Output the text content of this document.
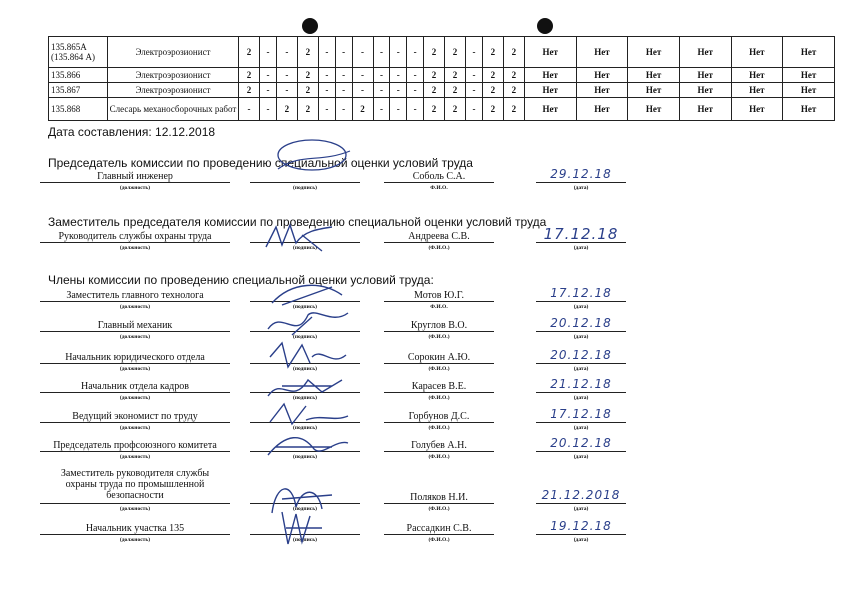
135.865А (135.864 А)	Электроэрозионист	2	-	-	2	-	-	-	-	-	-	2	2	-	2	2	Нет	Нет	Нет	Нет	Нет	Нет
135.866	Электроэрозионист	2	-	-	2	-	-	-	-	-	-	2	2	-	2	2	Нет	Нет	Нет	Нет	Нет	Нет
135.867	Электроэрозионист	2	-	-	2	-	-	-	-	-	-	2	2	-	2	2	Нет	Нет	Нет	Нет	Нет	Нет
135.868	Слесарь механосборочных работ	-	-	2	2	-	-	2	-	-	-	2	2	-	2	2	Нет	Нет	Нет	Нет	Нет	Нет
Дата составления: 12.12.2018
Председатель комиссии по проведению специальной оценки условий труда
Главный инженер
(должность)	(подпись)
Соболь С.А.
Ф.И.О.
29.12.18
(дата)
Заместитель председателя комиссии по проведению специальной оценки условий труда
Руководитель службы охраны труда
(должность)	(подпись)
Андреева С.В.
(Ф.И.О.)
17.12.18
(дата)
Члены комиссии по проведению специальной оценки условий труда:
Заместитель главного технолога
(должность)	(подпись)
Мотов Ю.Г.
Ф.И.О.
17.12.18
(дата)
Главный механик
(должность)	(подпись)
Круглов В.О.
(Ф.И.О.)
20.12.18
(дата)
Начальник юридического отдела
(должность)	(подпись)
Сорокин А.Ю.
(Ф.И.О.)
20.12.18
(дата)
Начальник отдела кадров
(должность)	(подпись)
Карасев В.Е.
(Ф.И.О.)
21.12.18
(дата)
Ведущий экономист по труду
(должность)	(подпись)
Горбунов Д.С.
(Ф.И.О.)
17.12.18
(дата)
Председатель профсоюзного комитета
(должность)	(подпись)
Голубев А.Н.
(Ф.И.О.)
20.12.18
(дата)
Заместитель руководителя службы охраны труда по промышленной безопасности
(должность)	(подпись)
Поляков Н.И.
(Ф.И.О.)
21.12.2018
(дата)
Начальник участка 135
(должность)	(подпись)
Рассадкин С.В.
(Ф.И.О.)
19.12.18
(дата)
